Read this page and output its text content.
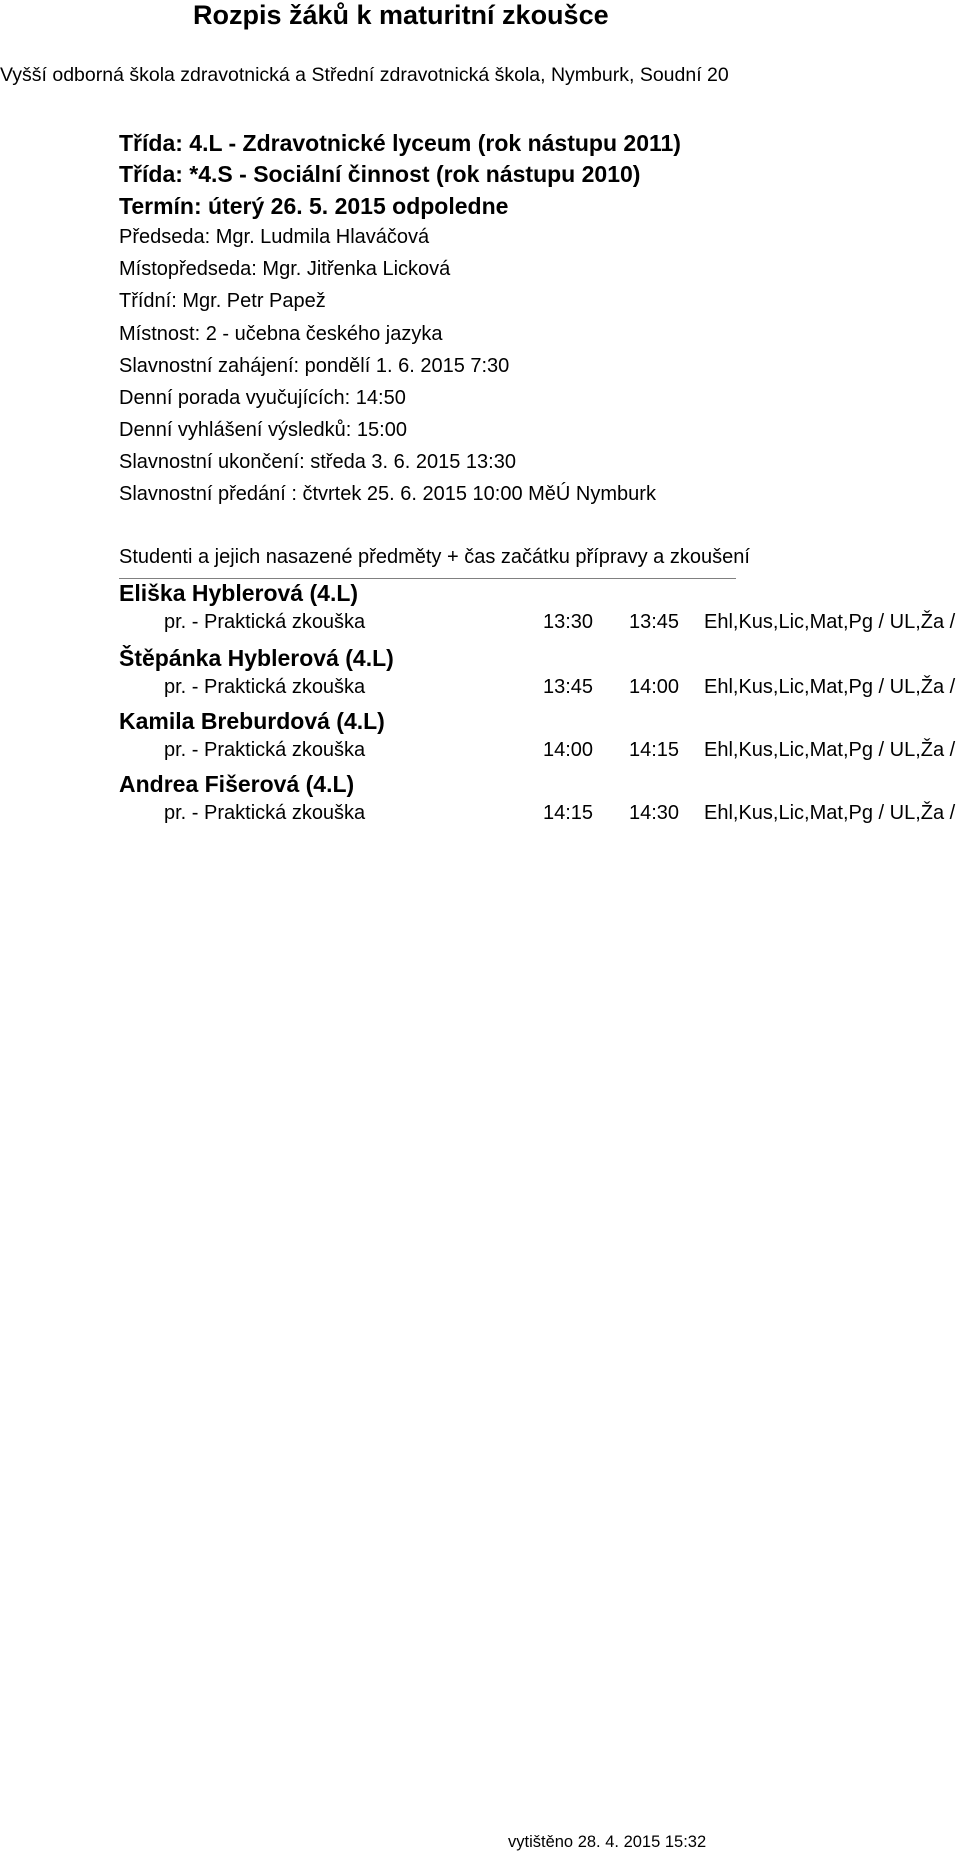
Rozpis žáků k maturitní zkoušce
Vyšší odborná škola zdravotnická a Střední zdravotnická škola, Nymburk, Soudní 20
Třída: 4.L - Zdravotnické lyceum (rok nástupu 2011)
Třída: *4.S - Sociální činnost (rok nástupu 2010)
Termín: úterý 26. 5. 2015 odpoledne
Předseda: Mgr. Ludmila Hlaváčová
Místopředseda: Mgr. Jitřenka Licková
Třídní: Mgr. Petr Papež
Místnost: 2 - učebna českého jazyka
Slavnostní zahájení: pondělí 1. 6. 2015 7:30
Denní porada vyučujících: 14:50
Denní vyhlášení výsledků: 15:00
Slavnostní ukončení: středa 3. 6. 2015 13:30
Slavnostní předání : čtvrtek 25. 6. 2015 10:00 MěÚ Nymburk
Studenti a jejich nasazené předměty + čas začátku přípravy a zkoušení
Eliška Hyblerová (4.L)
pr. - Praktická zkouška	13:30 13:45 Ehl,Kus,Lic,Mat,Pg / UL,Ža /
Štěpánka Hyblerová (4.L)
pr. - Praktická zkouška	13:45 14:00 Ehl,Kus,Lic,Mat,Pg / UL,Ža /
Kamila Breburdová (4.L)
pr. - Praktická zkouška	14:00 14:15 Ehl,Kus,Lic,Mat,Pg / UL,Ža /
Andrea Fišerová (4.L)
pr. - Praktická zkouška	14:15 14:30 Ehl,Kus,Lic,Mat,Pg / UL,Ža /
vytištěno 28. 4. 2015 15:32
